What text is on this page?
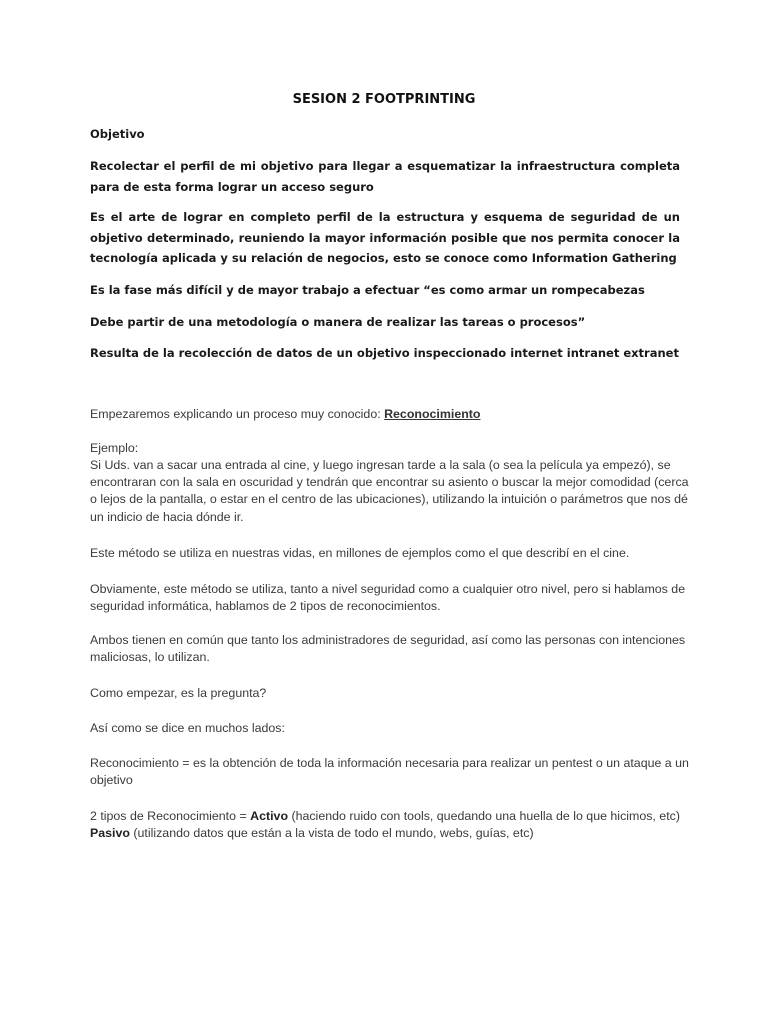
SESION 2 FOOTPRINTING

Objetivo

Recolectar el perfil de mi objetivo para llegar a esquematizar la infraestructura completa para de esta forma lograr un acceso seguro

Es el arte de lograr en completo perfil de la estructura y esquema de seguridad de un objetivo determinado, reuniendo la mayor información posible que nos permita conocer la tecnología aplicada y su relación de negocios, esto se conoce como Information Gathering

Es la fase más difícil y de mayor trabajo a efectuar “es como armar un rompecabezas

Debe partir de una metodología o manera de realizar las tareas o procesos”

Resulta de la recolección de datos de un objetivo inspeccionado internet intranet extranet

Empezaremos explicando un proceso muy conocido: Reconocimiento

Ejemplo:

Si Uds. van a sacar una entrada al cine, y luego ingresan tarde a la sala (o sea la película ya empezó), se encontraran con la sala en oscuridad y tendrán que encontrar su asiento o buscar la mejor comodidad (cerca o lejos de la pantalla, o estar en el centro de las ubicaciones), utilizando la intuición o parámetros que nos dé un indicio de hacia dónde ir.

Este método se utiliza en nuestras vidas, en millones de ejemplos como el que describí en el cine.

Obviamente, este método se utiliza, tanto a nivel seguridad como a cualquier otro nivel, pero si hablamos de seguridad informática, hablamos de 2 tipos de reconocimientos.

Ambos tienen en común que tanto los administradores de seguridad, así como las personas con intenciones maliciosas, lo utilizan.

Como empezar, es la pregunta?

Así como se dice en muchos lados:

Reconocimiento = es la obtención de toda la información necesaria para realizar un pentest o un ataque a un objetivo

2 tipos de Reconocimiento = Activo (haciendo ruido con tools, quedando una huella de lo que hicimos, etc)
Pasivo (utilizando datos que están a la vista de todo el mundo, webs, guías, etc)
